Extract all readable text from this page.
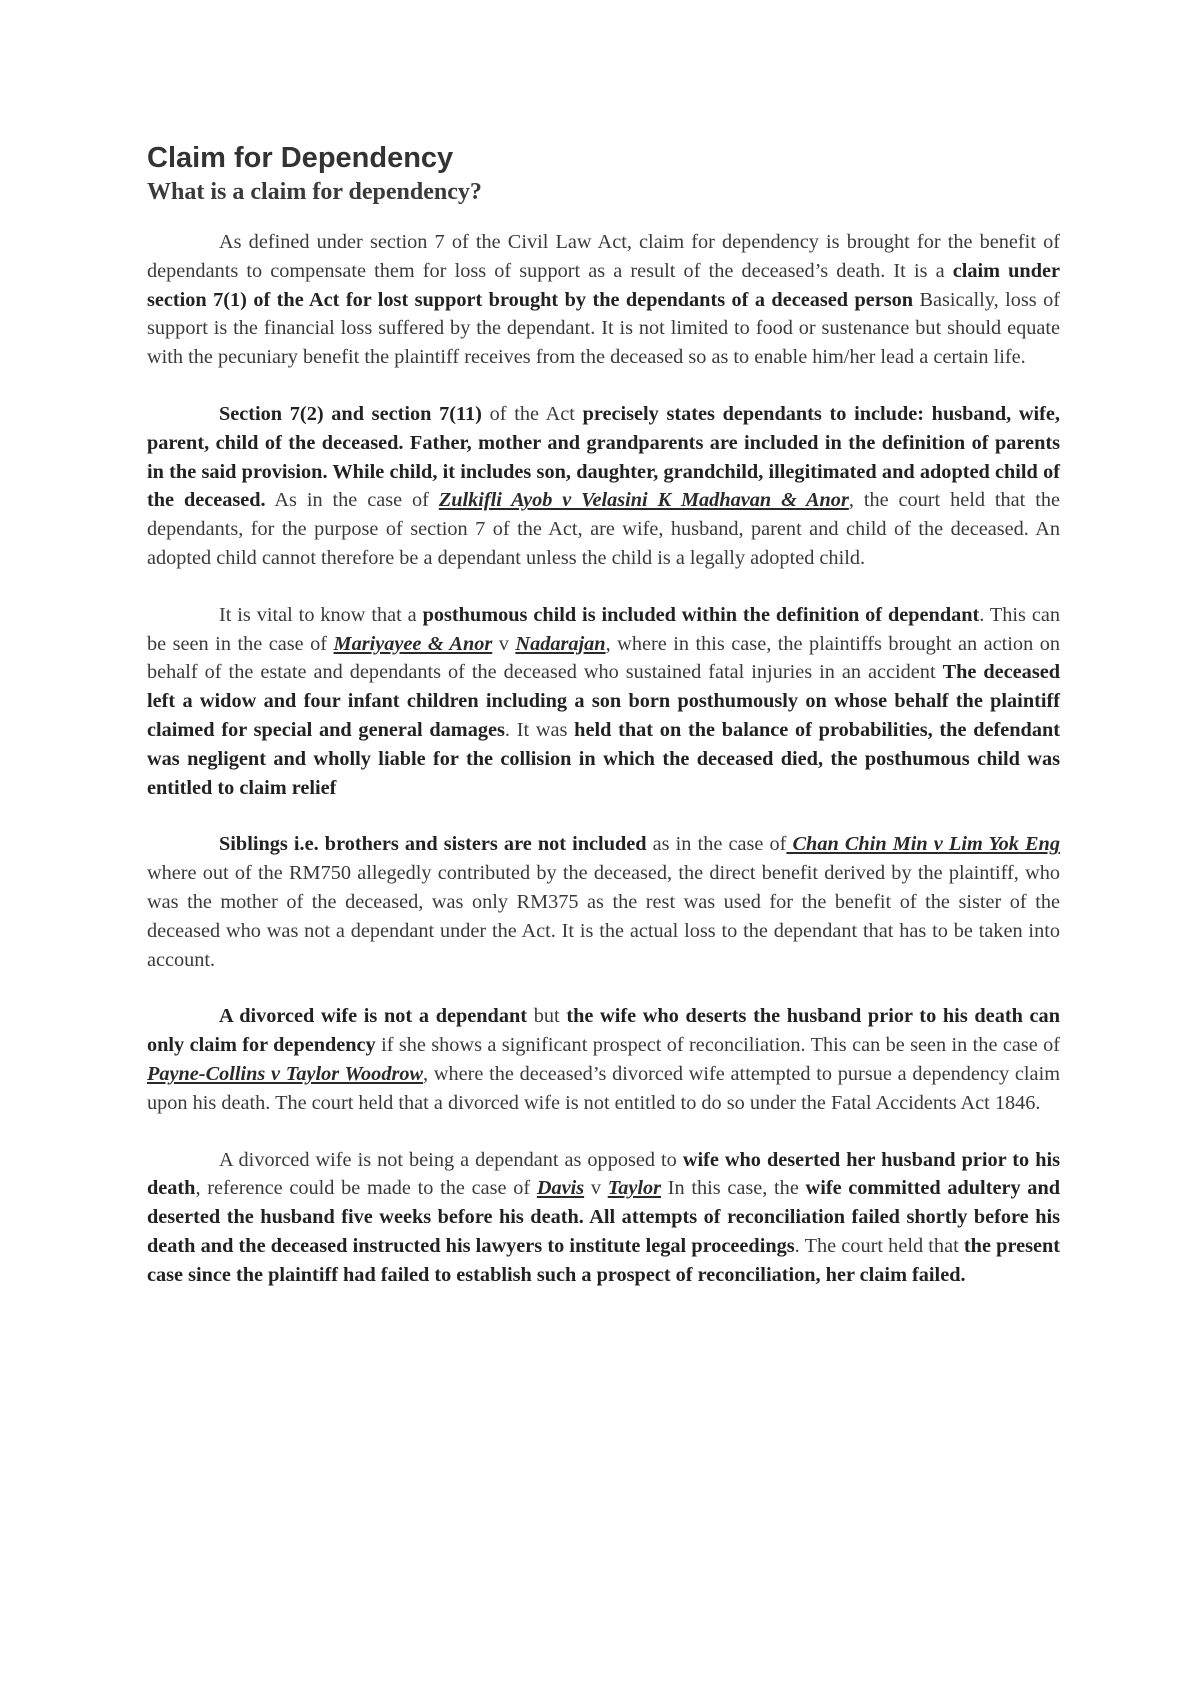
Claim for Dependency
What is a claim for dependency?

As defined under section 7 of the Civil Law Act, claim for dependency is brought for the benefit of dependants to compensate them for loss of support as a result of the deceased’s death. It is a claim under section 7(1) of the Act for lost support brought by the dependants of a deceased person Basically, loss of support is the financial loss suffered by the dependant. It is not limited to food or sustenance but should equate with the pecuniary benefit the plaintiff receives from the deceased so as to enable him/her lead a certain life.

Section 7(2) and section 7(11) of the Act precisely states dependants to include: husband, wife, parent, child of the deceased. Father, mother and grandparents are included in the definition of parents in the said provision. While child, it includes son, daughter, grandchild, illegitimated and adopted child of the deceased. As in the case of Zulkifli Ayob v Velasini K Madhavan & Anor, the court held that the dependants, for the purpose of section 7 of the Act, are wife, husband, parent and child of the deceased. An adopted child cannot therefore be a dependant unless the child is a legally adopted child.

It is vital to know that a posthumous child is included within the definition of dependant. This can be seen in the case of Mariyayee & Anor v Nadarajan, where in this case, the plaintiffs brought an action on behalf of the estate and dependants of the deceased who sustained fatal injuries in an accident The deceased left a widow and four infant children including a son born posthumously on whose behalf the plaintiff claimed for special and general damages. It was held that on the balance of probabilities, the defendant was negligent and wholly liable for the collision in which the deceased died, the posthumous child was entitled to claim relief

Siblings i.e. brothers and sisters are not included as in the case of Chan Chin Min v Lim Yok Eng where out of the RM750 allegedly contributed by the deceased, the direct benefit derived by the plaintiff, who was the mother of the deceased, was only RM375 as the rest was used for the benefit of the sister of the deceased who was not a dependant under the Act. It is the actual loss to the dependant that has to be taken into account.

A divorced wife is not a dependant but the wife who deserts the husband prior to his death can only claim for dependency if she shows a significant prospect of reconciliation. This can be seen in the case of Payne-Collins v Taylor Woodrow, where the deceased’s divorced wife attempted to pursue a dependency claim upon his death. The court held that a divorced wife is not entitled to do so under the Fatal Accidents Act 1846.

A divorced wife is not being a dependant as opposed to wife who deserted her husband prior to his death, reference could be made to the case of Davis v Taylor In this case, the wife committed adultery and deserted the husband five weeks before his death. All attempts of reconciliation failed shortly before his death and the deceased instructed his lawyers to institute legal proceedings. The court held that the present case since the plaintiff had failed to establish such a prospect of reconciliation, her claim failed.
